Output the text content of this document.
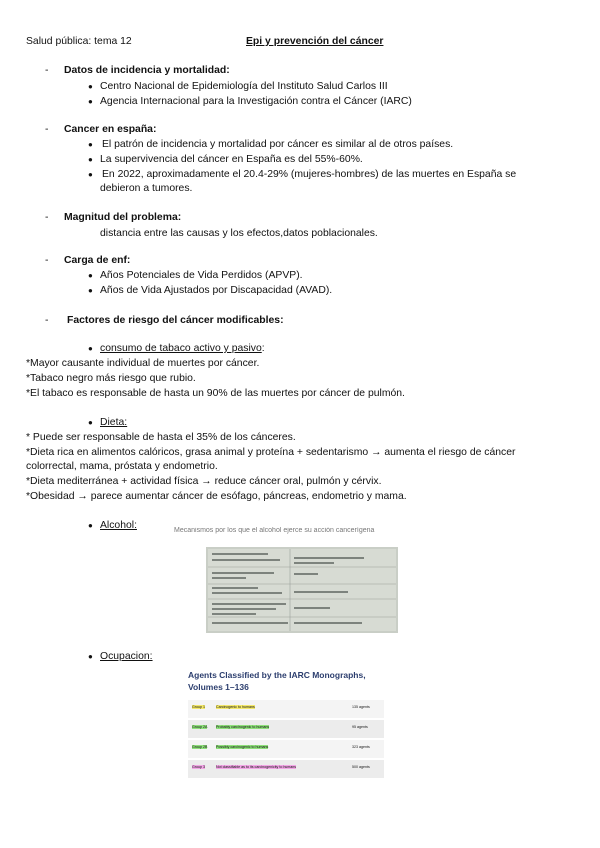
Salud pública: tema 12	Epi y prevención del cáncer
- Datos de incidencia y mortalidad:
● Centro Nacional de Epidemiología del Instituto Salud Carlos III
● Agencia Internacional para la Investigación contra el Cáncer (IARC)
- Cancer en españa:
● El patrón de incidencia y mortalidad por cáncer es similar al de otros países.
● La supervivencia del cáncer en España es del 55%-60%.
● En 2022, aproximadamente el 20.4-29% (mujeres-hombres) de las muertes en España se
debieron a tumores.
- Magnitud del problema:
distancia entre las causas y los efectos,datos poblacionales.
- Carga de enf:
● Años Potenciales de Vida Perdidos (APVP).
● Años de Vida Ajustados por Discapacidad (AVAD).
- Factores de riesgo del cáncer modificables:
● consumo de tabaco activo y pasivo:
*Mayor causante individual de muertes por cáncer.
*Tabaco negro más riesgo que rubio.
*El tabaco es responsable de hasta un 90% de las muertes por cáncer de pulmón.
● Dieta:
* Puede ser responsable de hasta el 35% de los cánceres.
*Dieta rica en alimentos calóricos, grasa animal y proteína + sedentarismo → aumenta el riesgo de cáncer
colorrectal, mama, próstata y endometrio.
*Dieta mediterránea + actividad física → reduce cáncer oral, pulmón y cérvix.
*Obesidad → parece aumentar cáncer de esófago, páncreas, endometrio y mama.
● Alcohol:	Mecanismos por los que el alcohol ejerce su acción cancerígena
● Ocupacion:
Agents Classified by the IARC Monographs,
Volumes 1–136
Group 1	Carcinogenic to humans	135 agents
Group 2A Probably carcinogenic to humans	95 agents
Group 2B Possibly carcinogenic to humans	323 agents
Group 3	Not classifiable as to its carcinogenicity to humans	500 agents
